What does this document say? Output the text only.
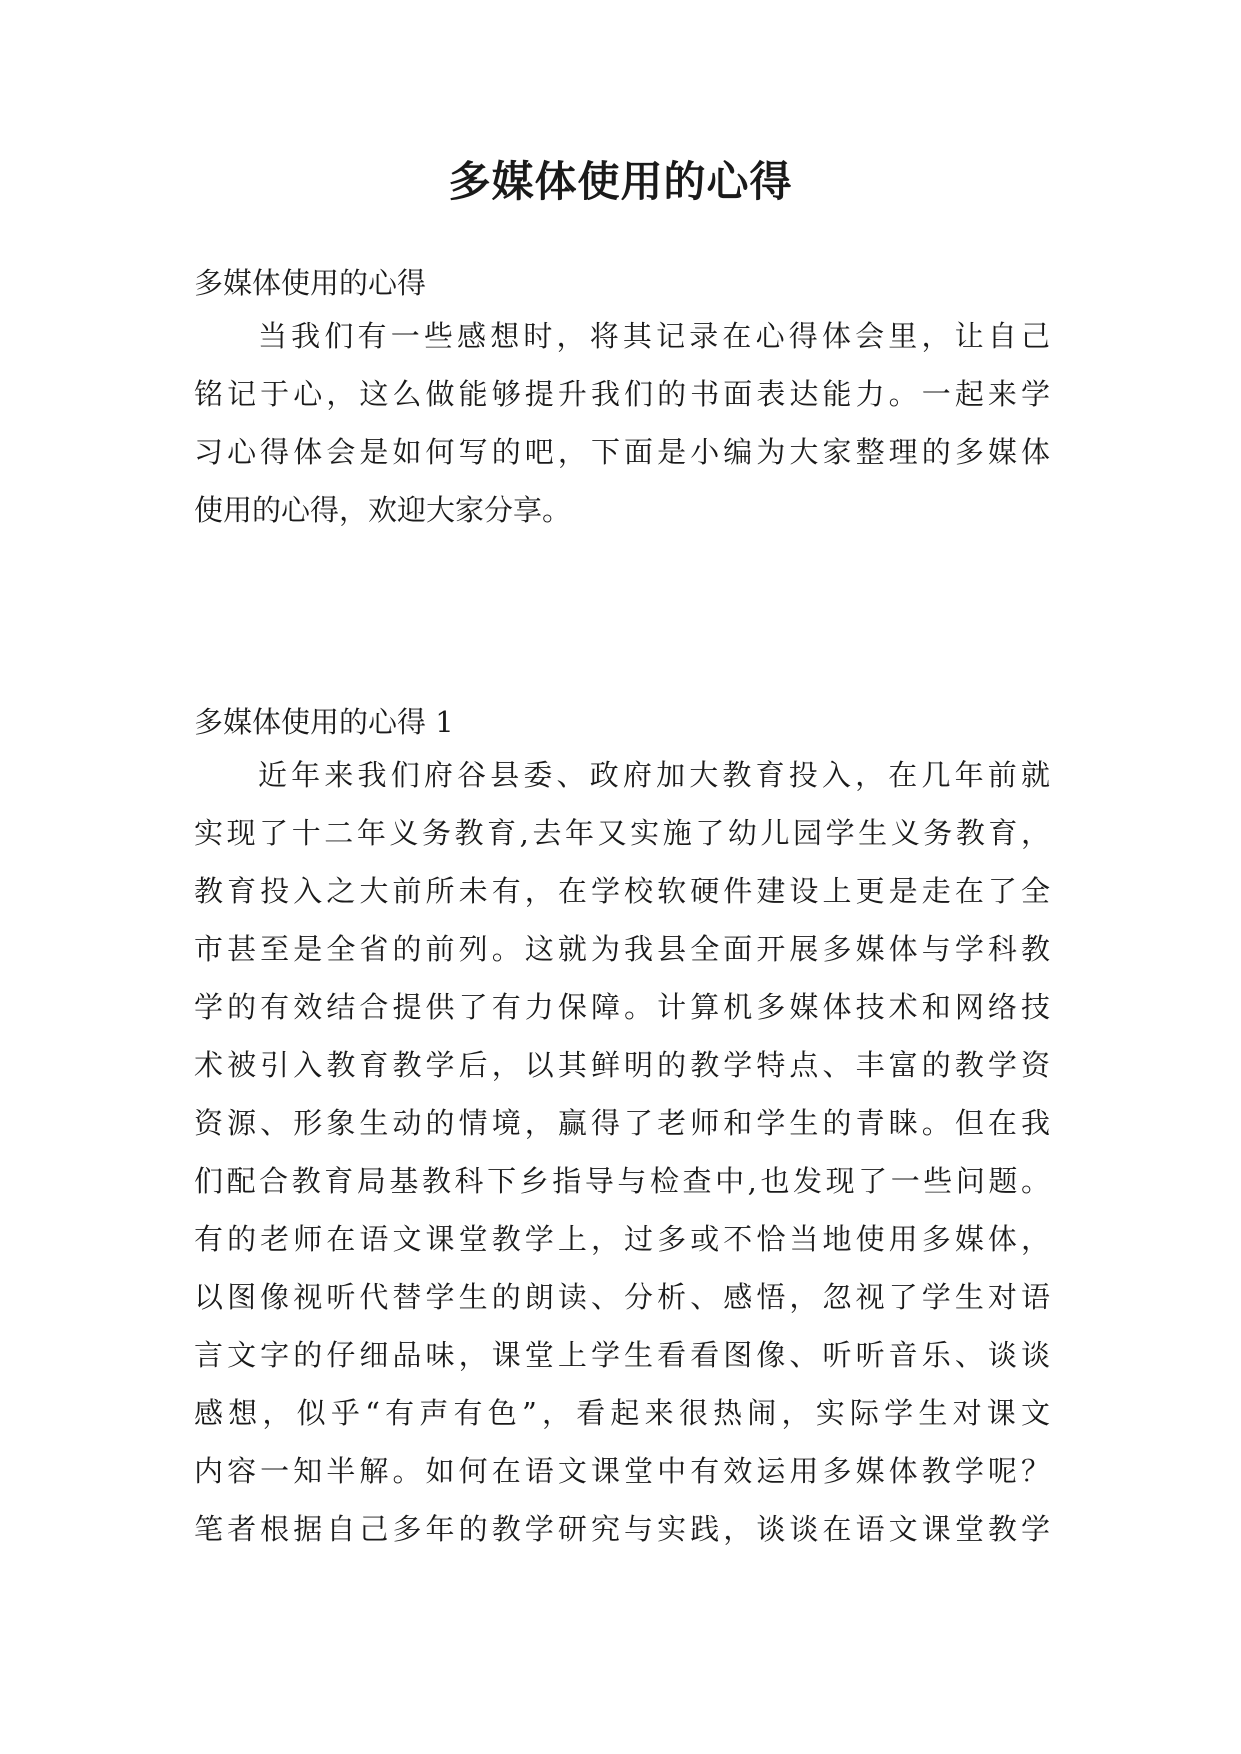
多媒体使用的心得

多媒体使用的心得

当我们有一些感想时，将其记录在心得体会里，让自己
铭记于心，这么做能够提升我们的书面表达能力。一起来学
习心得体会是如何写的吧，下面是小编为大家整理的多媒体
使用的心得，欢迎大家分享。

多媒体使用的心得 1

近年来我们府谷县委、政府加大教育投入，在几年前就
实现了十二年义务教育,去年又实施了幼儿园学生义务教育，
教育投入之大前所未有，在学校软硬件建设上更是走在了全
市甚至是全省的前列。这就为我县全面开展多媒体与学科教
学的有效结合提供了有力保障。计算机多媒体技术和网络技
术被引入教育教学后，以其鲜明的教学特点、丰富的教学资
资源、形象生动的情境，赢得了老师和学生的青睐。但在我
们配合教育局基教科下乡指导与检查中,也发现了一些问题。
有的老师在语文课堂教学上，过多或不恰当地使用多媒体，
以图像视听代替学生的朗读、分析、感悟，忽视了学生对语
言文字的仔细品味，课堂上学生看看图像、听听音乐、谈谈
感想，似乎“有声有色”，看起来很热闹，实际学生对课文
内容一知半解。如何在语文课堂中有效运用多媒体教学呢？
笔者根据自己多年的教学研究与实践，谈谈在语文课堂教学
